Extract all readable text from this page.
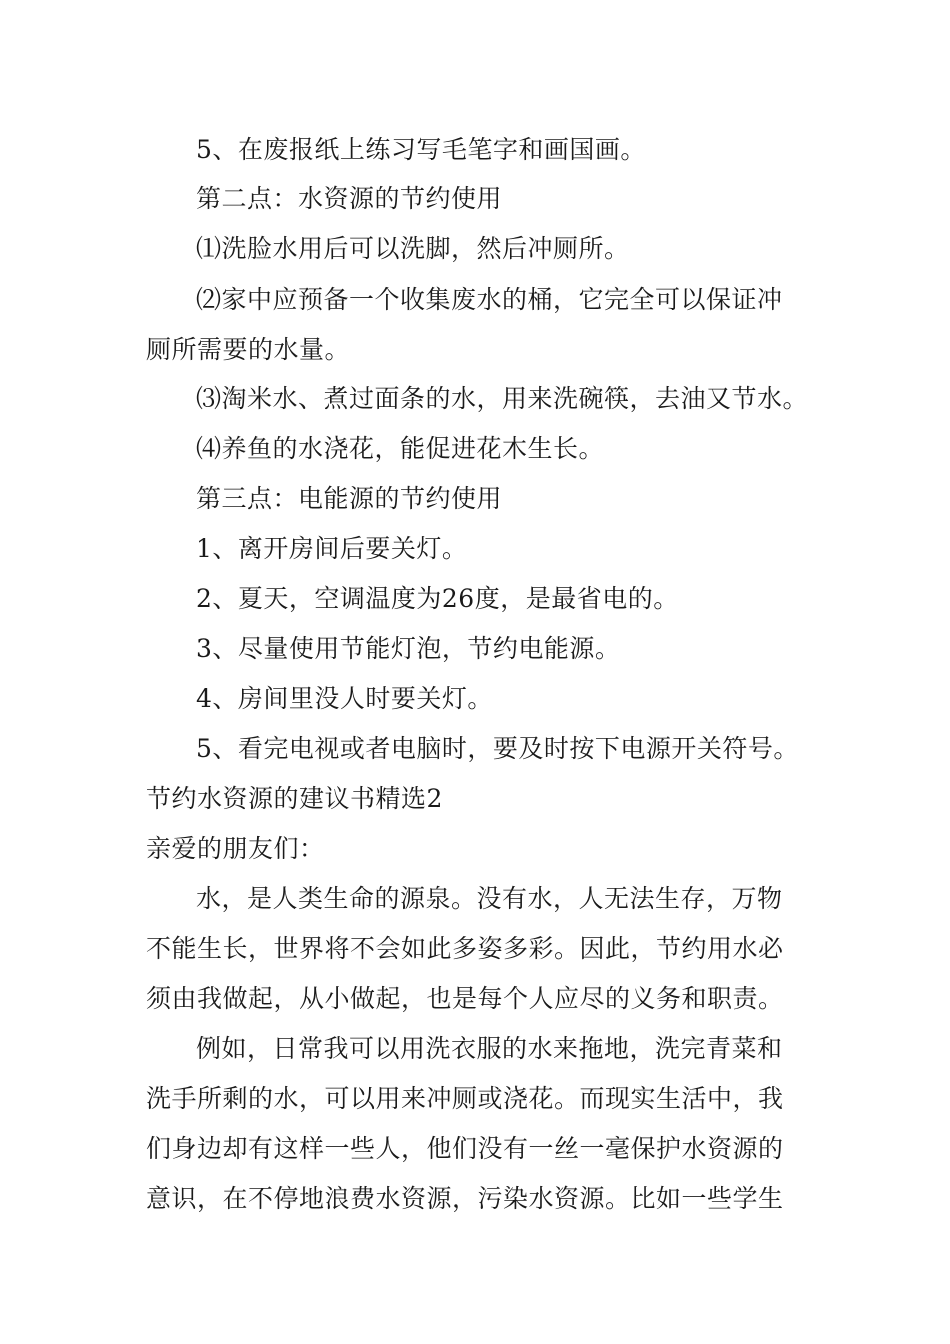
5、在废报纸上练习写毛笔字和画国画。
第二点：水资源的节约使用
⑴洗脸水用后可以洗脚，然后冲厕所。
⑵家中应预备一个收集废水的桶，它完全可以保证冲
厕所需要的水量。
⑶淘米水、煮过面条的水，用来洗碗筷，去油又节水。
⑷养鱼的水浇花，能促进花木生长。
第三点：电能源的节约使用
1、离开房间后要关灯。
2、夏天，空调温度为26度，是最省电的。
3、尽量使用节能灯泡，节约电能源。
4、房间里没人时要关灯。
5、看完电视或者电脑时，要及时按下电源开关符号。
节约水资源的建议书精选2
亲爱的朋友们：
水，是人类生命的源泉。没有水，人无法生存，万物
不能生长，世界将不会如此多姿多彩。因此，节约用水必
须由我做起，从小做起，也是每个人应尽的义务和职责。
例如，日常我可以用洗衣服的水来拖地，洗完青菜和
洗手所剩的水，可以用来冲厕或浇花。而现实生活中，我
们身边却有这样一些人，他们没有一丝一毫保护水资源的
意识，在不停地浪费水资源，污染水资源。比如一些学生
